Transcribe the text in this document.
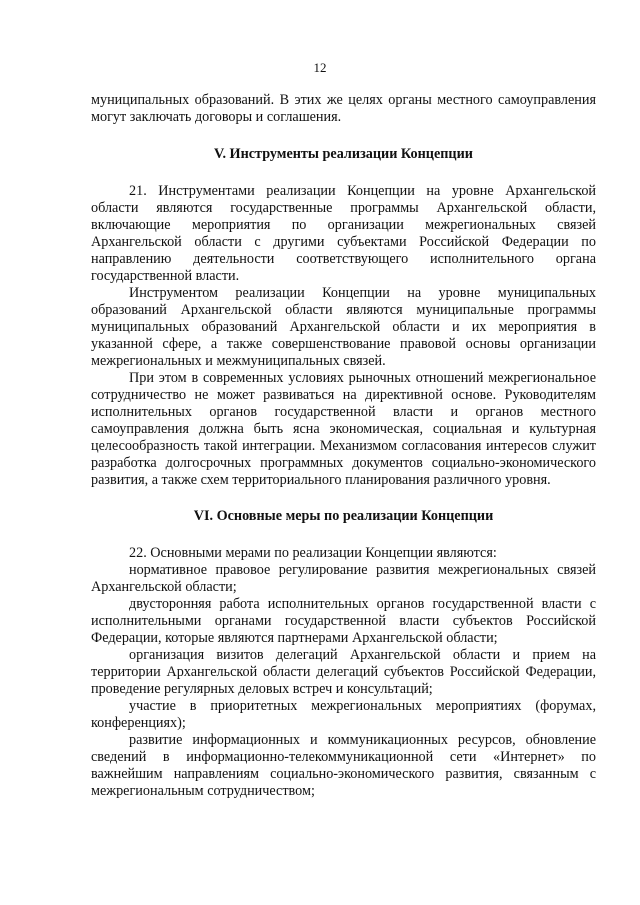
12

муниципальных образований. В этих же целях органы местного самоуправления могут заключать договоры и соглашения.

V. Инструменты реализации Концепции

21. Инструментами реализации Концепции на уровне Архангельской области являются государственные программы Архангельской области, включающие мероприятия по организации межрегиональных связей Архангельской области с другими субъектами Российской Федерации по направлению деятельности соответствующего исполнительного органа государственной власти.

Инструментом реализации Концепции на уровне муниципальных образований Архангельской области являются муниципальные программы муниципальных образований Архангельской области и их мероприятия в указанной сфере, а также совершенствование правовой основы организации межрегиональных и межмуниципальных связей.

При этом в современных условиях рыночных отношений межрегиональное сотрудничество не может развиваться на директивной основе. Руководителям исполнительных органов государственной власти и органов местного самоуправления должна быть ясна экономическая, социальная и культурная целесообразность такой интеграции. Механизмом согласования интересов служит разработка долгосрочных программных документов социально-экономического развития, а также схем территориального планирования различного уровня.

VI. Основные меры по реализации Концепции

22. Основными мерами по реализации Концепции являются:

нормативное правовое регулирование развития межрегиональных связей Архангельской области;

двусторонняя работа исполнительных органов государственной власти с исполнительными органами государственной власти субъектов Российской Федерации, которые являются партнерами Архангельской области;

организация визитов делегаций Архангельской области и прием на территории Архангельской области делегаций субъектов Российской Федерации, проведение регулярных деловых встреч и консультаций;

участие в приоритетных межрегиональных мероприятиях (форумах, конференциях);

развитие информационных и коммуникационных ресурсов, обновление сведений в информационно-телекоммуникационной сети «Интернет» по важнейшим направлениям социально-экономического развития, связанным с межрегиональным сотрудничеством;
